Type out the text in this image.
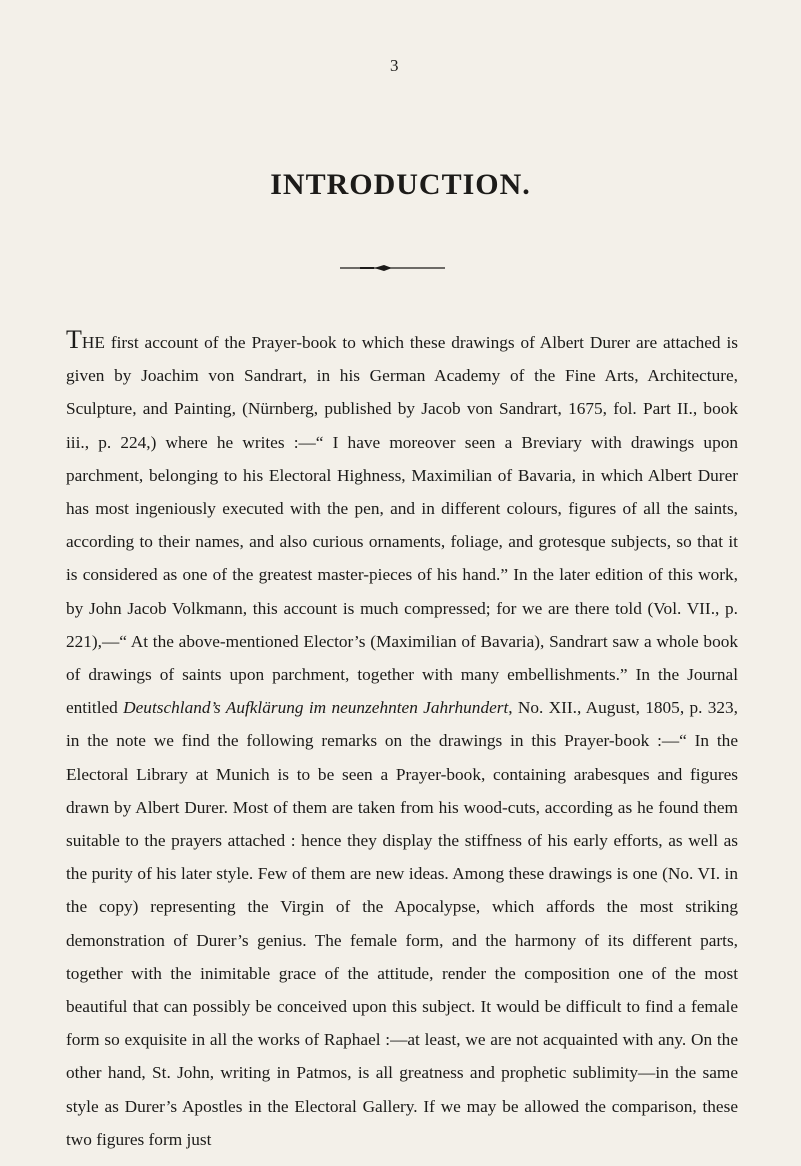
3
INTRODUCTION.

THE first account of the Prayer-book to which these drawings of Albert Durer are attached is given by Joachim von Sandrart, in his German Academy of the Fine Arts, Architecture, Sculpture, and Painting, (Nürnberg, published by Jacob von Sandrart, 1675, fol. Part II., book iii., p. 224,) where he writes :—“ I have moreover seen a Breviary with drawings upon parchment, belonging to his Electoral Highness, Maximilian of Bavaria, in which Albert Durer has most ingeniously executed with the pen, and in different colours, figures of all the saints, according to their names, and also curious ornaments, foliage, and grotesque subjects, so that it is considered as one of the greatest master-pieces of his hand.” In the later edition of this work, by John Jacob Volkmann, this account is much compressed; for we are there told (Vol. VII., p. 221),—“ At the above-mentioned Elector’s (Maximilian of Bavaria), Sandrart saw a whole book of drawings of saints upon parchment, together with many embellishments.” In the Journal entitled Deutschland’s Aufklärung im neunzehnten Jahrhundert, No. XII., August, 1805, p. 323, in the note we find the following remarks on the drawings in this Prayer-book :—“ In the Electoral Library at Munich is to be seen a Prayer-book, containing arabesques and figures drawn by Albert Durer. Most of them are taken from his wood-cuts, according as he found them suitable to the prayers attached : hence they display the stiffness of his early efforts, as well as the purity of his later style. Few of them are new ideas. Among these drawings is one (No. VI. in the copy) representing the Virgin of the Apocalypse, which affords the most striking demonstration of Durer’s genius. The female form, and the harmony of its different parts, together with the inimitable grace of the attitude, render the composition one of the most beautiful that can possibly be conceived upon this subject. It would be difficult to find a female form so exquisite in all the works of Raphael :—at least, we are not acquainted with any. On the other hand, St. John, writing in Patmos, is all greatness and prophetic sublimity—in the same style as Durer’s Apostles in the Electoral Gallery. If we may be allowed the comparison, these two figures form just
